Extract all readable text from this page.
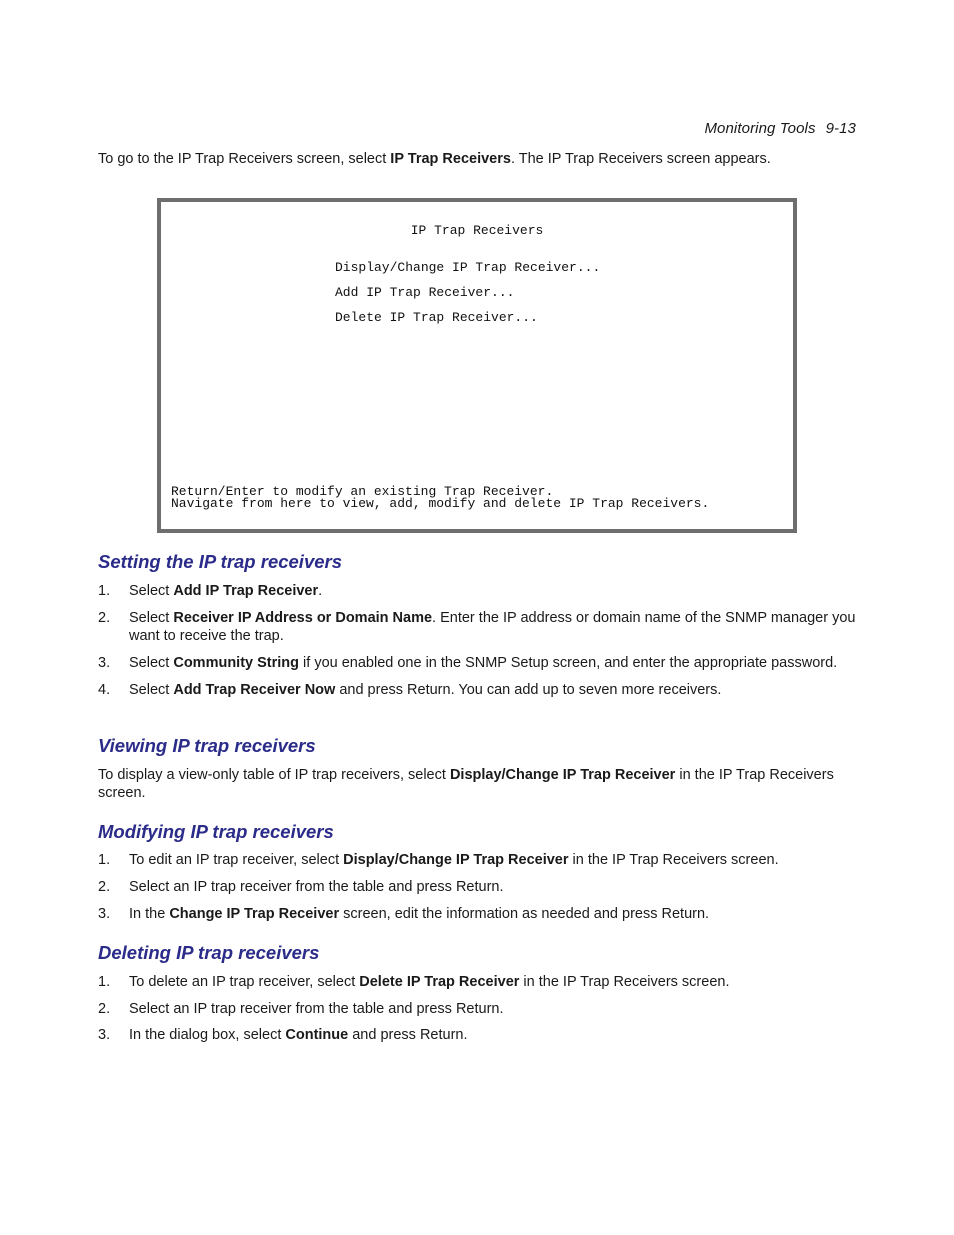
Monitoring Tools 9-13

To go to the IP Trap Receivers screen, select IP Trap Receivers. The IP Trap Receivers screen appears.

IP Trap Receivers
Display/Change IP Trap Receiver...
Add IP Trap Receiver...
Delete IP Trap Receiver...
Return/Enter to modify an existing Trap Receiver.
Navigate from here to view, add, modify and delete IP Trap Receivers.
Setting the IP trap receivers
1. Select Add IP Trap Receiver.
2. Select Receiver IP Address or Domain Name. Enter the IP address or domain name of the SNMP manager you want to receive the trap.
3. Select Community String if you enabled one in the SNMP Setup screen, and enter the appropriate password.
4. Select Add Trap Receiver Now and press Return. You can add up to seven more receivers.
Viewing IP trap receivers

To display a view-only table of IP trap receivers, select Display/Change IP Trap Receiver in the IP Trap Receivers screen.

Modifying IP trap receivers
1. To edit an IP trap receiver, select Display/Change IP Trap Receiver in the IP Trap Receivers screen.
2. Select an IP trap receiver from the table and press Return.
3. In the Change IP Trap Receiver screen, edit the information as needed and press Return.
Deleting IP trap receivers
1. To delete an IP trap receiver, select Delete IP Trap Receiver in the IP Trap Receivers screen.
2. Select an IP trap receiver from the table and press Return.
3. In the dialog box, select Continue and press Return.
